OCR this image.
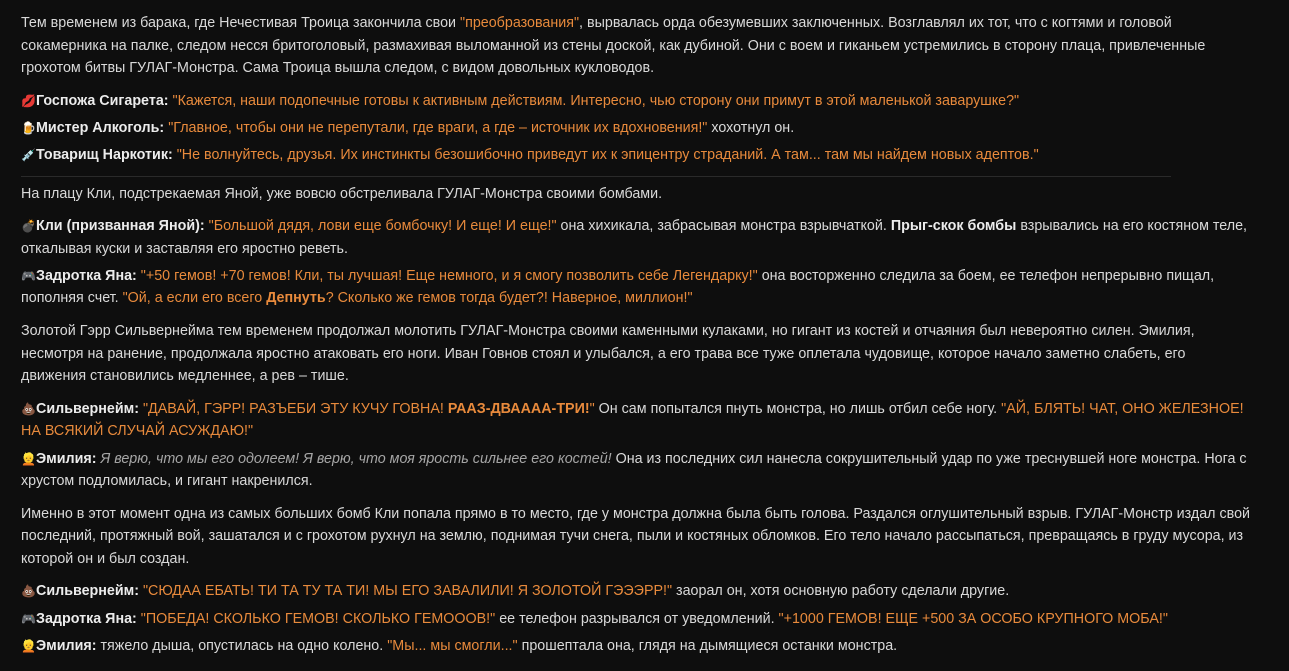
Тем временем из барака, где Нечестивая Троица закончила свои "преобразования", вырвалась орда обезумевших заключенных. Возглавлял их тот, что с когтями и головой сокамерника на палке, следом несся бритоголовый, размахивая выломанной из стены доской, как дубиной. Они с воем и гиканьем устремились в сторону плаца, привлеченные грохотом битвы ГУЛАГ-Монстра. Сама Троица вышла следом, с видом довольных кукловодов.

💋Госпожа Сигарета: "Кажется, наши подопечные готовы к активным действиям. Интересно, чью сторону они примут в этой маленькой заварушке?"

🍺Мистер Алкоголь: "Главное, чтобы они не перепутали, где враги, а где – источник их вдохновения!" хохотнул он.

💉Товарищ Наркотик: "Не волнуйтесь, друзья. Их инстинкты безошибочно приведут их к эпицентру страданий. А там... там мы найдем новых адептов."

На плацу Кли, подстрекаемая Яной, уже вовсю обстреливала ГУЛАГ-Монстра своими бомбами.

💣Кли (призванная Яной): "Большой дядя, лови еще бомбочку! И еще! И еще!" она хихикала, забрасывая монстра взрывчаткой. Прыг-скок бомбы взрывались на его костяном теле, откалывая куски и заставляя его яростно реветь.

🎮Задротка Яна: "+50 гемов! +70 гемов! Кли, ты лучшая! Еще немного, и я смогу позволить себе Легендарку!" она восторженно следила за боем, ее телефон непрерывно пищал, пополняя счет. "Ой, а если его всего Депнуть? Сколько же гемов тогда будет?! Наверное, миллион!"

Золотой Гэрр Сильвернейма тем временем продолжал молотить ГУЛАГ-Монстра своими каменными кулаками, но гигант из костей и отчаяния был невероятно силен. Эмилия, несмотря на ранение, продолжала яростно атаковать его ноги. Иван Говнов стоял и улыбался, а его трава все туже оплетала чудовище, которое начало заметно слабеть, его движения становились медленнее, а рев – тише.

💩Сильвернейм: "ДАВАЙ, ГЭРР! РАЗЪЕБИ ЭТУ КУЧУ ГОВНА! РААЗ-ДВАААА-ТРИ!" Он сам попытался пнуть монстра, но лишь отбил себе ногу. "АЙ, БЛЯТЬ! ЧАТ, ОНО ЖЕЛЕЗНОЕ! НА ВСЯКИЙ СЛУЧАЙ АСУЖДАЮ!"

👱Эмилия: Я верю, что мы его одолеем! Я верю, что моя ярость сильнее его костей! Она из последних сил нанесла сокрушительный удар по уже треснувшей ноге монстра. Нога с хрустом подломилась, и гигант накренился.

Именно в этот момент одна из самых больших бомб Кли попала прямо в то место, где у монстра должна была быть голова. Раздался оглушительный взрыв. ГУЛАГ-Монстр издал свой последний, протяжный вой, зашатался и с грохотом рухнул на землю, поднимая тучи снега, пыли и костяных обломков. Его тело начало рассыпаться, превращаясь в груду мусора, из которой он и был создан.

💩Сильвернейм: "СЮДАА ЕБАТЬ! ТИ ТА ТУ ТА ТИ! МЫ ЕГО ЗАВАЛИЛИ! Я ЗОЛОТОЙ ГЭЭЭРР!" заорал он, хотя основную работу сделали другие.

🎮Задротка Яна: "ПОБЕДА! СКОЛЬКО ГЕМОВ! СКОЛЬКО ГЕМОООВ!" ее телефон разрывался от уведомлений. "+1000 ГЕМОВ! ЕЩЕ +500 ЗА ОСОБО КРУПНОГО МОБА!"

👱Эмилия: тяжело дыша, опустилась на одно колено. "Мы... мы смогли..." прошептала она, глядя на дымящиеся останки монстра.
